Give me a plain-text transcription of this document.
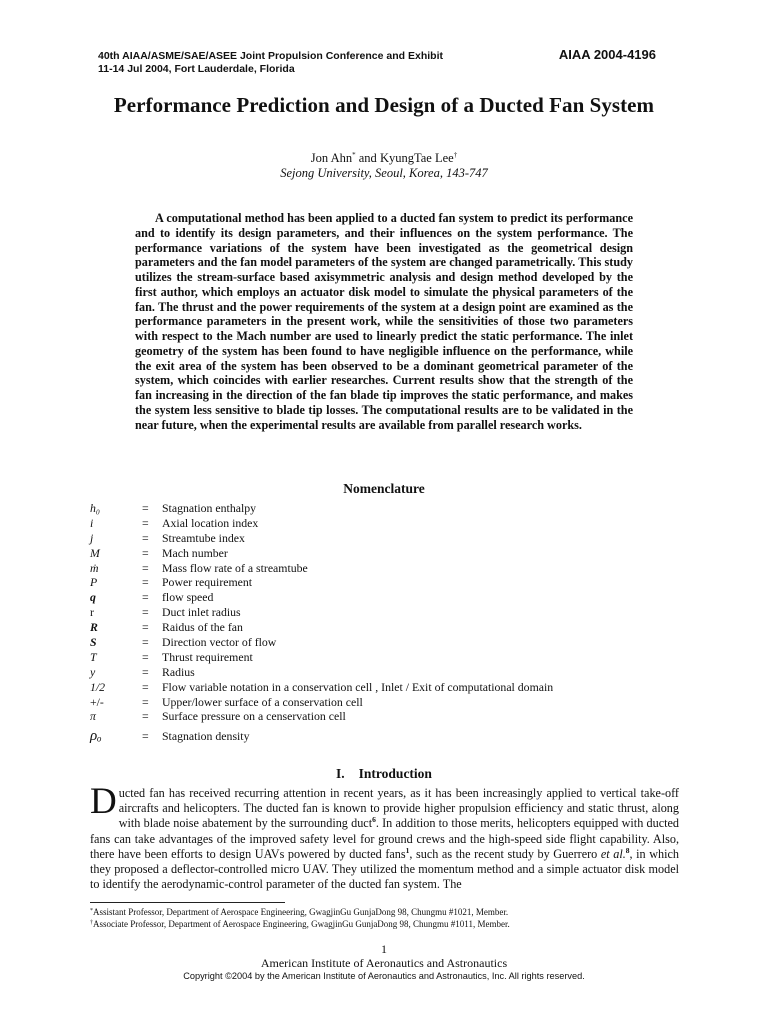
40th AIAA/ASME/SAE/ASEE Joint Propulsion Conference and Exhibit
11-14 Jul 2004, Fort Lauderdale, Florida
AIAA 2004-4196
Performance Prediction and Design of a Ducted Fan System
Jon Ahn* and KyungTae Lee†
Sejong University, Seoul, Korea, 143-747

A computational method has been applied to a ducted fan system to predict its performance and to identify its design parameters, and their influences on the system performance. The performance variations of the system have been investigated as the geometrical design parameters and the fan model parameters of the system are changed parametrically. This study utilizes the stream-surface based axisymmetric analysis and design method developed by the first author, which employs an actuator disk model to simulate the physical parameters of the fan. The thrust and the power requirements of the system at a design point are examined as the performance parameters in the present work, while the sensitivities of those two parameters with respect to the Mach number are used to linearly predict the static performance. The inlet geometry of the system has been found to have negligible influence on the performance, while the exit area of the system has been observed to be a dominant geometrical parameter of the system, which coincides with earlier researches. Current results show that the strength of the fan increasing in the direction of the fan blade tip improves the static performance, and makes the system less sensitive to blade tip losses. The computational results are to be validated in the near future, when the experimental results are available from parallel research works.

Nomenclature
h₀	=	Stagnation enthalpy
i	=	Axial location index
j	=	Streamtube index
M	=	Mach number
ṁ	=	Mass flow rate of a streamtube
P	=	Power requirement
q	=	flow speed
r	=	Duct inlet radius
R	=	Raidus of the fan
S	=	Direction vector of flow
T	=	Thrust requirement
y	=	Radius
1/2	=	Flow variable notation in a conservation cell , Inlet / Exit of computational domain
+/-	=	Upper/lower surface of a conservation cell
π	=	Surface pressure on a censervation cell
ρₒ	=	Stagnation density
I. Introduction

Ducted fan has received recurring attention in recent years, as it has been increasingly applied to vertical take-off aircrafts and helicopters. The ducted fan is known to provide higher propulsion efficiency and static thrust, along with blade noise abatement by the surrounding duct$^6$. In addition to those merits, helicopters equipped with ducted fans can take advantages of the improved safety level for ground crews and the high-speed side flight capability. Also, there have been efforts to design UAVs powered by ducted fans$^1$, such as the recent study by Guerrero et al.$^8$, in which they proposed a deflector-controlled micro UAV. They utilized the momentum method and a simple actuator disk model to identify the aerodynamic-control parameter of the ducted fan system. The

*Assistant Professor, Department of Aerospace Engineering, GwagjinGu GunjaDong 98, Chungmu #1021, Member.
†Associate Professor, Department of Aerospace Engineering, GwagjinGu GunjaDong 98, Chungmu #1011, Member.
1
American Institute of Aeronautics and Astronautics
Copyright ©2004 by the American Institute of Aeronautics and Astronautics, Inc. All rights reserved.
